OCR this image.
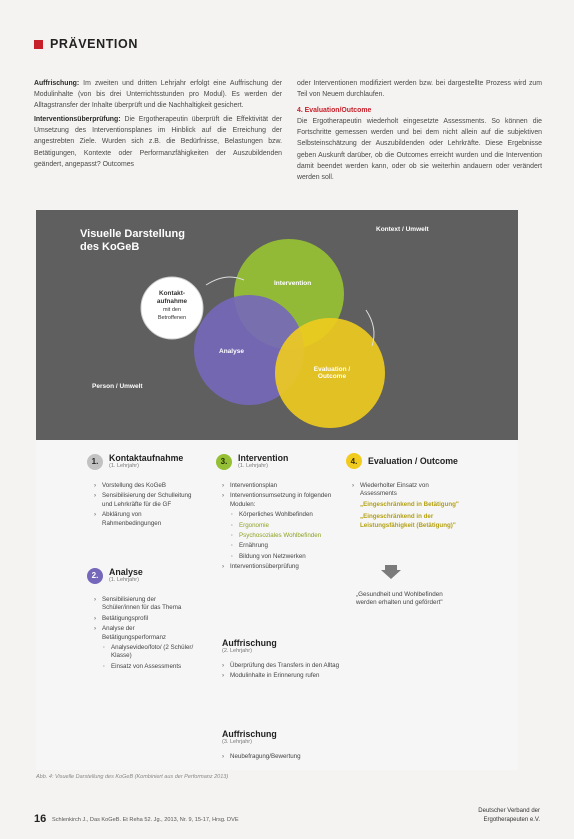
PRÄVENTION

Auffrischung: Im zweiten und dritten Lehrjahr erfolgt eine Auffrischung der Modulinhalte (von bis drei Unterrichtsstunden pro Modul). Es werden der Alltagstransfer der Inhalte überprüft und die Nachhaltigkeit gesichert.

Interventionsüberprüfung: Die Ergotherapeutin überprüft die Effektivität der Umsetzung des Interventionsplanes im Hinblick auf die Erreichung der angestrebten Ziele. Wurden sich z.B. die Bedürfnisse, Belastungen bzw. Betätigungen, Kontexte oder Performanzfähigkeiten der Auszubildenden geändert, angepasst? Outcomes

oder Interventionen modifiziert werden bzw. bei dargestellte Prozess wird zum Teil von Neuem durchlaufen.

4. Evaluation/Outcome

Die Ergotherapeutin wiederholt eingesetzte Assessments. So können die Fortschritte gemessen werden und bei dem nicht allein auf die subjektiven Selbsteinschätzung der Auszubildenden oder Lehrkräfte. Diese Ergebnisse geben Auskunft darüber, ob die Outcomes erreicht wurden und die Intervention damit beendet werden kann, oder ob sie weiterhin andauern oder verändert werden soll.

Visuelle Darstellung
des KoGeB
Kontext / Umwelt
Person / Umwelt
Kontakt-
aufnahme
mit den
Betroffenen
Intervention
Analyse
Evaluation /
Outcome
1.	Kontaktaufnahme
(1. Lehrjahr)
› Vorstellung des KoGeB
› Sensibilisierung der Schulleitung und Lehrkräfte für die GF
› Abklärung von Rahmenbedingungen
2.	Analyse
(1. Lehrjahr)
› Sensibilisierung der Schüler/innen für das Thema
› Betätigungsprofil
› Analyse der Betätigungsperformanz
· Analysevideo/foto/ (2 Schüler/ Klasse)
· Einsatz von Assessments
3.	Intervention
(1. Lehrjahr)
› Interventionsplan
› Interventionsumsetzung in folgenden Modulen:
· Körperliches Wohlbefinden
· Ergonomie
· Psychosoziales Wohlbefinden
· Ernährung
· Bildung von Netzwerken
› Interventionsüberprüfung
Auffrischung
(2. Lehrjahr)
› Überprüfung des Transfers in den Alltag
› Modulinhalte in Erinnerung rufen
Auffrischung
(3. Lehrjahr)
› Neubefragung/Bewertung
4.	Evaluation / Outcome
› Wiederholter Einsatz von Assessments
„Eingeschränkend in Betätigung"
„Eingeschränkend in der Leistungsfähigkeit (Betätigung)"
„Gesundheit und Wohlbefinden werden erhalten und gefördert"
Abb. 4: Visuelle Darstellung des KoGeB (Kombiniert aus der Performanz 2013)
16 Schlenkirch J., Das KoGeB. Et Reha 52. Jg., 2013, Nr. 9, 15-17, Hrsg. DVE
Deutscher Verband der
Ergotherapeuten e.V.
